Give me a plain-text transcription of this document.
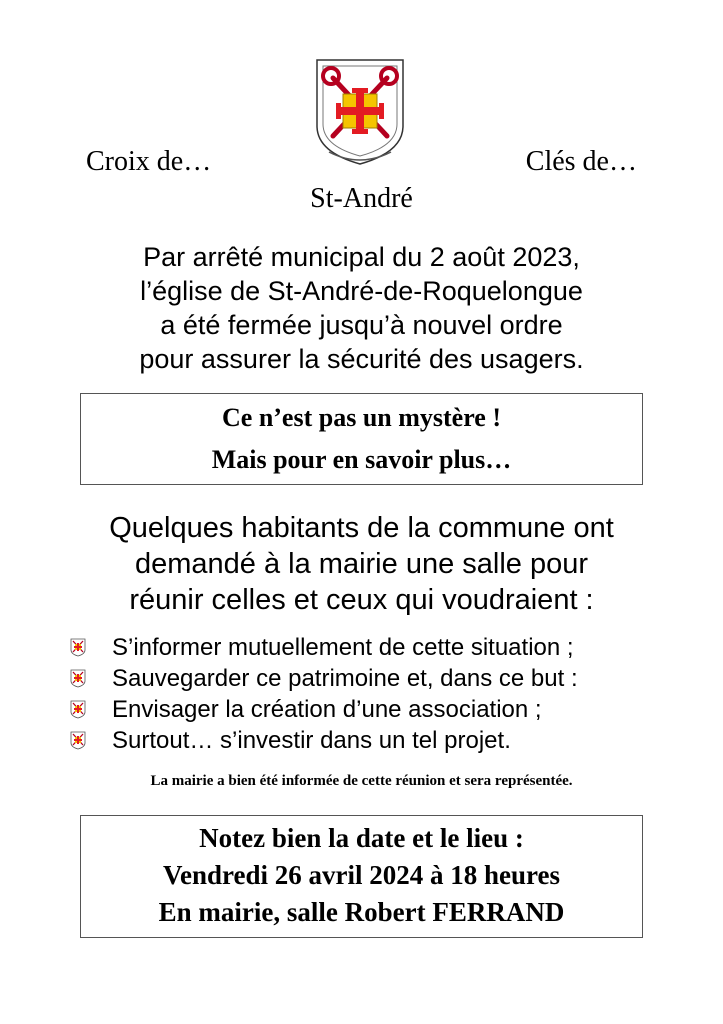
Croix de…	Clés de…
St-André
Par arrêté municipal du 2 août 2023,
l’église de St-André-de-Roquelongue
a été fermée jusqu’à nouvel ordre
pour assurer la sécurité des usagers.
Ce n’est pas un mystère !
Mais pour en savoir plus…
Quelques habitants de la commune ont
demandé à la mairie une salle pour
réunir celles et ceux qui voudraient :
S’informer mutuellement de cette situation ;
Sauvegarder ce patrimoine et, dans ce but :
Envisager la création d’une association ;
Surtout… s’investir dans un tel projet.
La mairie a bien été informée de cette réunion et sera représentée.
Notez bien la date et le lieu :
Vendredi 26 avril 2024 à 18 heures
En mairie, salle Robert FERRAND
